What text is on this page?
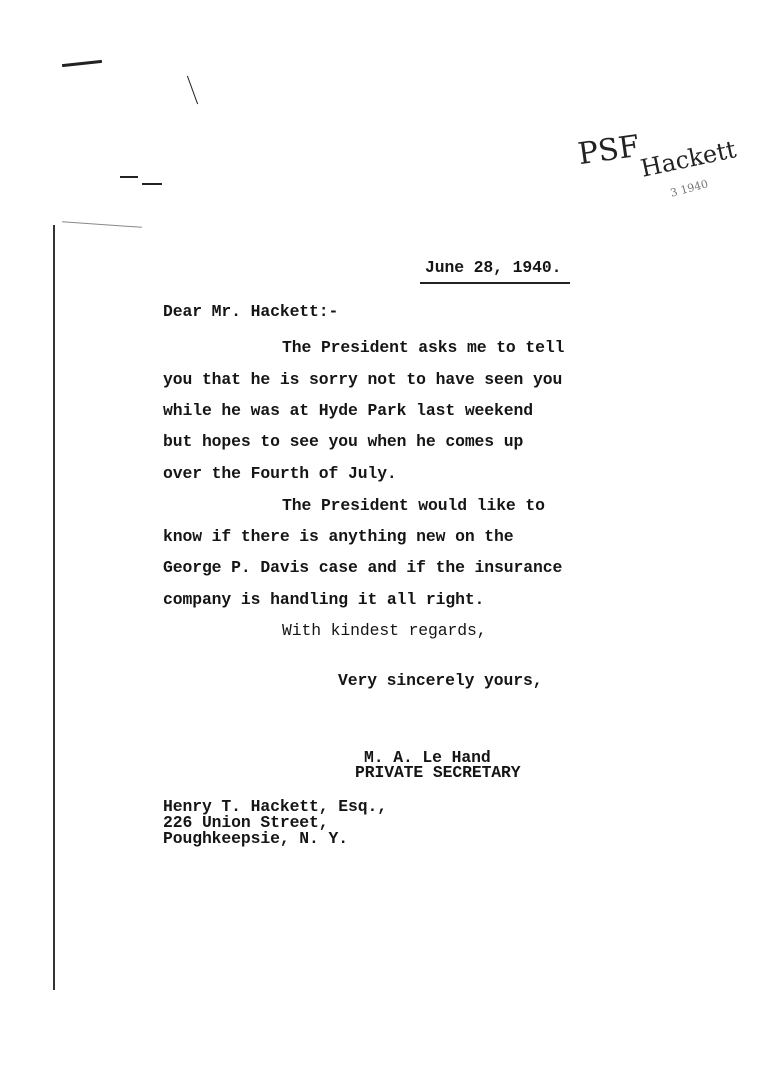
PSF
Hackett
3 1940
June 28, 1940.
Dear Mr. Hackett:-
The President asks me to tell
you that he is sorry not to have seen you
while he was at Hyde Park last weekend
but hopes to see you when he comes up
over the Fourth of July.
The President would like to
know if there is anything new on the
George P. Davis case and if the insurance
company is handling it all right.
With kindest regards,
Very sincerely yours,
M. A. Le Hand
PRIVATE SECRETARY
Henry T. Hackett, Esq.,
226 Union Street,
Poughkeepsie, N. Y.
